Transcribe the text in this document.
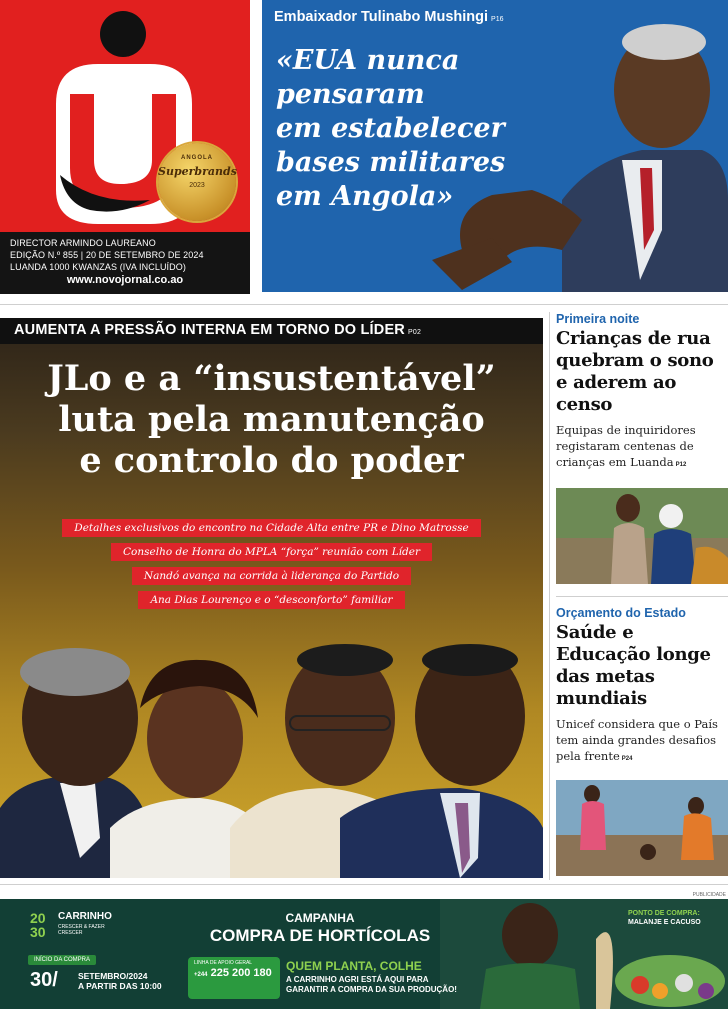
ANGOLA
Superbrands
2023
DIRECTOR ARMINDO LAUREANO
EDIÇÃO N.º 855 | 20 DE SETEMBRO DE 2024
LUANDA 1000 KWANZAS (IVA INCLUÍDO)
www.novojornal.co.ao
Embaixador Tulinabo Mushingi P16
«EUA nunca
pensaram
em estabelecer
bases militares
em Angola»
AUMENTA A PRESSÃO INTERNA EM TORNO DO LÍDER P02
JLo e a “insustentável”
luta pela manutenção
e controlo do poder
Detalhes exclusivos do encontro na Cidade Alta entre PR e Dino Matrosse
Conselho de Honra do MPLA “força” reunião com Líder
Nandó avança na corrida à liderança do Partido
Ana Dias Lourenço e o “desconforto” familiar
Primeira noite
Crianças de rua quebram o sono e aderem ao censo
Equipas de inquiridores registaram centenas de crianças em Luanda P12
Orçamento do Estado
Saúde e Educação longe das metas mundiais
Unicef considera que o País tem ainda grandes desafios pela frente P24
PUBLICIDADE
20
30
CARRINHO
CRESCER & FAZER CRESCER
INÍCIO DA COMPRA
30/ SETEMBRO/2024
A PARTIR DAS 10:00
CAMPANHA
COMPRA DE HORTÍCOLAS
LINHA DE APOIO GERAL
+244 225 200 180 QUEM PLANTA, COLHE
A CARRINHO AGRI ESTÁ AQUI PARA
GARANTIR A COMPRA DA SUA PRODUÇÃO!
PONTO DE COMPRA:
MALANJE E CACUSO
